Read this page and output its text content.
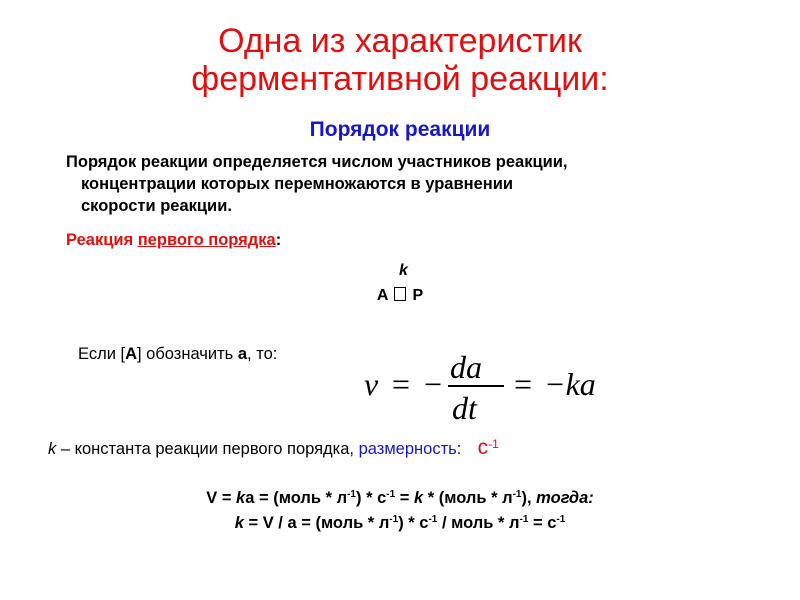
Одна из характеристик
ферментативной реакции:
Порядок реакции
Порядок реакции определяется числом участников реакции,
концентрации которых перемножаются в уравнении
скорости реакции.
Реакция первого порядка:
k
А Р
Если [А] обозначить а, то:
v = − da
dt
= −ka
k – константа реакции первого порядка, размерность: $с^{-1}$
V = ka = (моль * $л^{-1}) * с^{-1} = k$ * (моль * $л^{-1}$), тогда:
k = V / a = (моль * $л^{-1}) * с^{-1}$ / моль * $л^{-1} = с^{-1}$
